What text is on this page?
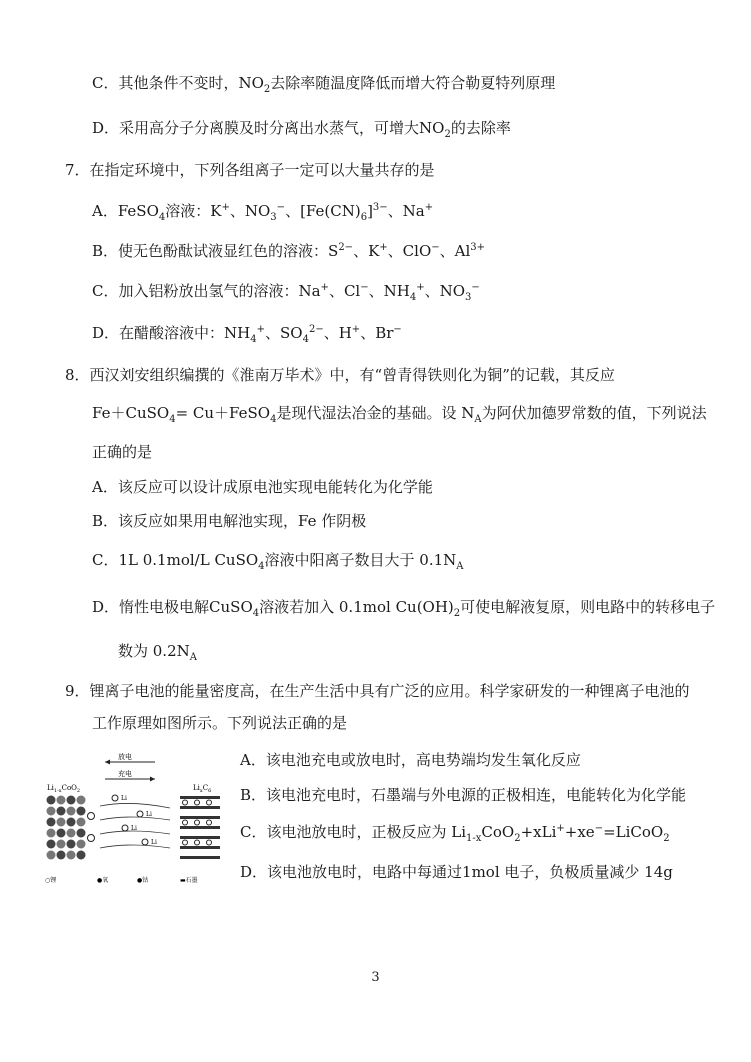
C．其他条件不变时，$NO_2$去除率随温度降低而增大符合勒夏特列原理
D．采用高分子分离膜及时分离出水蒸气，可增大$NO_2$的去除率
7．在指定环境中，下列各组离子一定可以大量共存的是
A．FeSO$_4$溶液：K+、$NO_3^-$、$[Fe(CN)_6]^{3-}$、Na+
B．使无色酚酞试液显红色的溶液：$S^{2-}$、K+、ClO−、$Al^{3+}$
C．加入铝粉放出氢气的溶液：Na+、Cl−、$NH_4^+$、$NO_3^-$
D．在醋酸溶液中：$NH_4^+$、$SO_4^{2-}$、H+、Br−
8．西汉刘安组织编撰的《淮南万毕术》中，有“曾青得铁则化为铜”的记载，其反应
Fe＋CuSO$_4$= Cu＋FeSO$_4$是现代湿法冶金的基础。设 $N_A$为阿伏加德罗常数的值，下列说法
正确的是
A．该反应可以设计成原电池实现电能转化为化学能
B．该反应如果用电解池实现，Fe 作阴极
C．1L 0.1mol/L CuSO$_4$溶液中阳离子数目大于 $0.1N_A$
D．惰性电极电解CuSO$_4$溶液若加入 0.1mol $Cu(OH)_2$可使电解液复原，则电路中的转移电子
数为 $0.2N_A$
9．锂离子电池的能量密度高，在生产生活中具有广泛的应用。科学家研发的一种锂离子电池的
工作原理如图所示。下列说法正确的是
A．该电池充电或放电时，高电势端均发生氧化反应
B．该电池充电时，石墨端与外电源的正极相连，电能转化为化学能
C．该电池放电时，正极反应为 $Li_{1-x}CoO_2+xLi^++xe^-=LiCoO_2$
D．该电池放电时，电路中每通过1mol 电子，负极质量减少 14g
放电
充电
$Li_{1-x}CoO_2$	$Li_xC_6$
Li
Li
Li
Li
○锂	●氧	●钴	▬石墨
3
